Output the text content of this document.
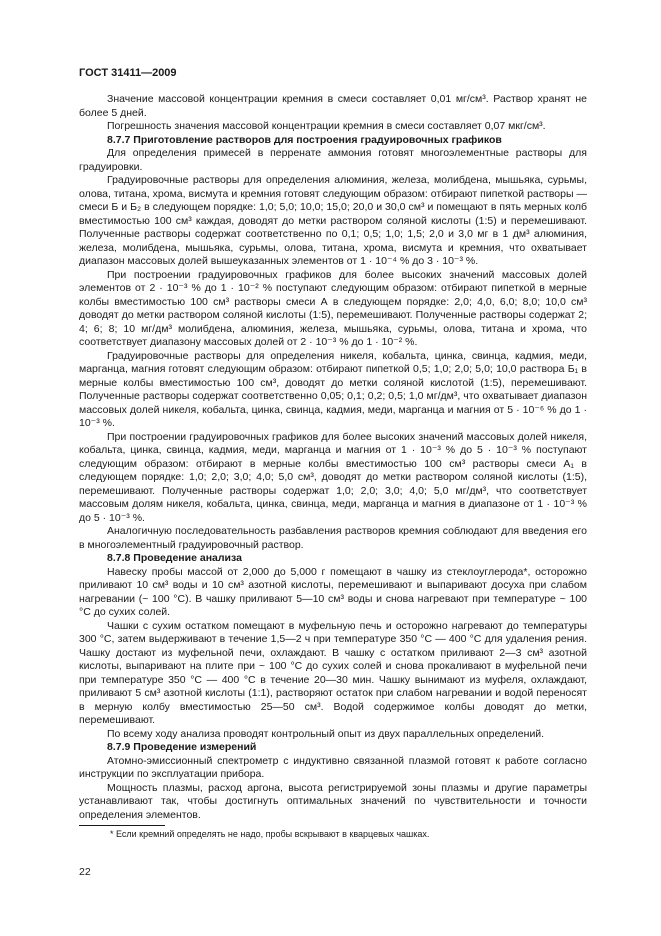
ГОСТ 31411—2009

Значение массовой концентрации кремния в смеси составляет 0,01 мг/см³. Раствор хранят не более 5 дней.

Погрешность значения массовой концентрации кремния в смеси составляет 0,07 мкг/см³.

8.7.7 Приготовление растворов для построения градуировочных графиков

Для определения примесей в перренате аммония готовят многоэлементные растворы для градуировки.

Градуировочные растворы для определения алюминия, железа, молибдена, мышьяка, сурьмы, олова, титана, хрома, висмута и кремния готовят следующим образом: отбирают пипеткой растворы — смеси Б и Б₂ в следующем порядке: 1,0; 5,0; 10,0; 15,0; 20,0 и 30,0 см³ и помещают в пять мерных колб вместимостью 100 см³ каждая, доводят до метки раствором соляной кислоты (1:5) и перемешивают. Полученные растворы содержат соответственно по 0,1; 0,5; 1,0; 1,5; 2,0 и 3,0 мг в 1 дм³ алюминия, железа, молибдена, мышьяка, сурьмы, олова, титана, хрома, висмута и кремния, что охватывает диапазон массовых долей вышеуказанных элементов от 1 · 10⁻⁴ % до 3 · 10⁻³ %.

При построении градуировочных графиков для более высоких значений массовых долей элементов от 2 · 10⁻³ % до 1 · 10⁻² % поступают следующим образом: отбирают пипеткой в мерные колбы вместимостью 100 см³ растворы смеси А в следующем порядке: 2,0; 4,0, 6,0; 8,0; 10,0 см³ доводят до метки раствором соляной кислоты (1:5), перемешивают. Полученные растворы содержат 2; 4; 6; 8; 10 мг/дм³ молибдена, алюминия, железа, мышьяка, сурьмы, олова, титана и хрома, что соответствует диапазону массовых долей от 2 · 10⁻³ % до 1 · 10⁻² %.

Градуировочные растворы для определения никеля, кобальта, цинка, свинца, кадмия, меди, марганца, магния готовят следующим образом: отбирают пипеткой 0,5; 1,0; 2,0; 5,0; 10,0 раствора Б₁ в мерные колбы вместимостью 100 см³, доводят до метки соляной кислотой (1:5), перемешивают. Полученные растворы содержат соответственно 0,05; 0,1; 0,2; 0,5; 1,0 мг/дм³, что охватывает диапазон массовых долей никеля, кобальта, цинка, свинца, кадмия, меди, марганца и магния от 5 · 10⁻⁶ % до 1 · 10⁻³ %.

При построении градуировочных графиков для более высоких значений массовых долей никеля, кобальта, цинка, свинца, кадмия, меди, марганца и магния от 1 · 10⁻³ % до 5 · 10⁻³ % поступают следующим образом: отбирают в мерные колбы вместимостью 100 см³ растворы смеси А₁ в следующем порядке: 1,0; 2,0; 3,0; 4,0; 5,0 см³, доводят до метки раствором соляной кислоты (1:5), перемешивают. Полученные растворы содержат 1,0; 2,0; 3,0; 4,0; 5,0 мг/дм³, что соответствует массовым долям никеля, кобальта, цинка, свинца, меди, марганца и магния в диапазоне от 1 · 10⁻³ % до 5 · 10⁻³ %.

Аналогичную последовательность разбавления растворов кремния соблюдают для введения его в многоэлементный градуировочный раствор.

8.7.8 Проведение анализа

Навеску пробы массой от 2,000 до 5,000 г помещают в чашку из стеклоуглерода*, осторожно приливают 10 см³ воды и 10 см³ азотной кислоты, перемешивают и выпаривают досуха при слабом нагревании (~ 100 °С). В чашку приливают 5—10 см³ воды и снова нагревают при температуре ~ 100 °С до сухих солей.

Чашки с сухим остатком помещают в муфельную печь и осторожно нагревают до температуры 300 °С, затем выдерживают в течение 1,5—2 ч при температуре 350 °С — 400 °С для удаления рения. Чашку достают из муфельной печи, охлаждают. В чашку с остатком приливают 2—3 см³ азотной кислоты, выпаривают на плите при ~ 100 °С до сухих солей и снова прокаливают в муфельной печи при температуре 350 °С — 400 °С в течение 20—30 мин. Чашку вынимают из муфеля, охлаждают, приливают 5 см³ азотной кислоты (1:1), растворяют остаток при слабом нагревании и водой переносят в мерную колбу вместимостью 25—50 см³. Водой содержимое колбы доводят до метки, перемешивают.

По всему ходу анализа проводят контрольный опыт из двух параллельных определений.

8.7.9 Проведение измерений

Атомно-эмиссионный спектрометр с индуктивно связанной плазмой готовят к работе согласно инструкции по эксплуатации прибора.

Мощность плазмы, расход аргона, высота регистрируемой зоны плазмы и другие параметры устанавливают так, чтобы достигнуть оптимальных значений по чувствительности и точности определения элементов.

* Если кремний определять не надо, пробы вскрывают в кварцевых чашках.
22
